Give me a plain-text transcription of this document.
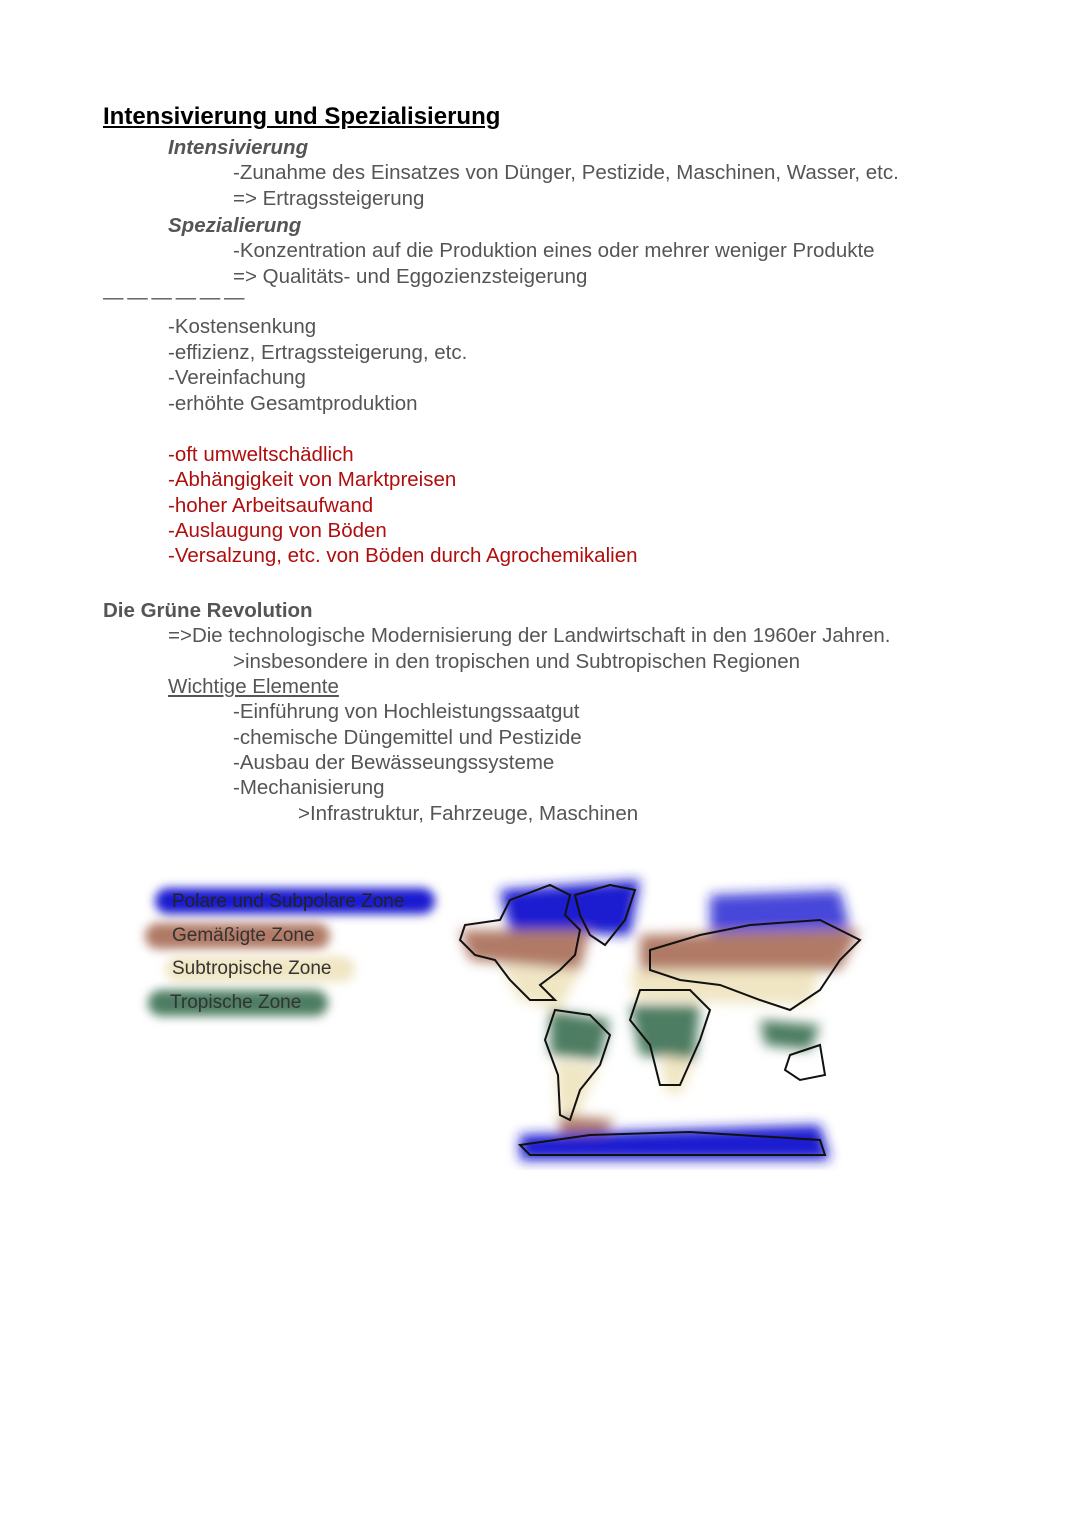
Intensivierung und Spezialisierung
Intensivierung
-Zunahme des Einsatzes von Dünger, Pestizide, Maschinen, Wasser, etc.
=> Ertragssteigerung
Spezialierung
-Konzentration auf die Produktion eines oder mehrer weniger Produkte
=> Qualitäts- und Eggozienzsteigerung
— — — — — —
-Kostensenkung
-effizienz, Ertragssteigerung, etc.
-Vereinfachung
-erhöhte Gesamtproduktion
-oft umweltschädlich
-Abhängigkeit von Marktpreisen
-hoher Arbeitsaufwand
-Auslaugung von Böden
-Versalzung, etc. von Böden durch Agrochemikalien
Die Grüne Revolution
=>Die technologische Modernisierung der Landwirtschaft in den 1960er Jahren.
>insbesondere in den tropischen und Subtropischen Regionen
Wichtige Elemente
-Einführung von Hochleistungssaatgut
-chemische Düngemittel und Pestizide
-Ausbau der Bewässeungssysteme
-Mechanisierung
>Infrastruktur, Fahrzeuge, Maschinen
Polare und Subpolare Zone
Gemäßigte Zone
Subtropische Zone
Tropische Zone
